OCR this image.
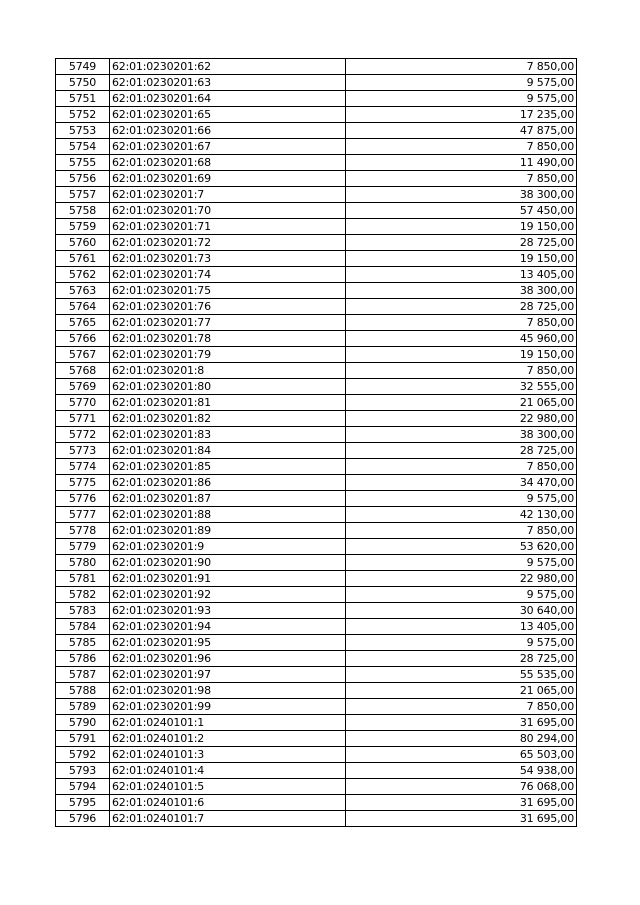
5749	62:01:0230201:62	7 850,00
5750	62:01:0230201:63	9 575,00
5751	62:01:0230201:64	9 575,00
5752	62:01:0230201:65	17 235,00
5753	62:01:0230201:66	47 875,00
5754	62:01:0230201:67	7 850,00
5755	62:01:0230201:68	11 490,00
5756	62:01:0230201:69	7 850,00
5757	62:01:0230201:7	38 300,00
5758	62:01:0230201:70	57 450,00
5759	62:01:0230201:71	19 150,00
5760	62:01:0230201:72	28 725,00
5761	62:01:0230201:73	19 150,00
5762	62:01:0230201:74	13 405,00
5763	62:01:0230201:75	38 300,00
5764	62:01:0230201:76	28 725,00
5765	62:01:0230201:77	7 850,00
5766	62:01:0230201:78	45 960,00
5767	62:01:0230201:79	19 150,00
5768	62:01:0230201:8	7 850,00
5769	62:01:0230201:80	32 555,00
5770	62:01:0230201:81	21 065,00
5771	62:01:0230201:82	22 980,00
5772	62:01:0230201:83	38 300,00
5773	62:01:0230201:84	28 725,00
5774	62:01:0230201:85	7 850,00
5775	62:01:0230201:86	34 470,00
5776	62:01:0230201:87	9 575,00
5777	62:01:0230201:88	42 130,00
5778	62:01:0230201:89	7 850,00
5779	62:01:0230201:9	53 620,00
5780	62:01:0230201:90	9 575,00
5781	62:01:0230201:91	22 980,00
5782	62:01:0230201:92	9 575,00
5783	62:01:0230201:93	30 640,00
5784	62:01:0230201:94	13 405,00
5785	62:01:0230201:95	9 575,00
5786	62:01:0230201:96	28 725,00
5787	62:01:0230201:97	55 535,00
5788	62:01:0230201:98	21 065,00
5789	62:01:0230201:99	7 850,00
5790	62:01:0240101:1	31 695,00
5791	62:01:0240101:2	80 294,00
5792	62:01:0240101:3	65 503,00
5793	62:01:0240101:4	54 938,00
5794	62:01:0240101:5	76 068,00
5795	62:01:0240101:6	31 695,00
5796	62:01:0240101:7	31 695,00
